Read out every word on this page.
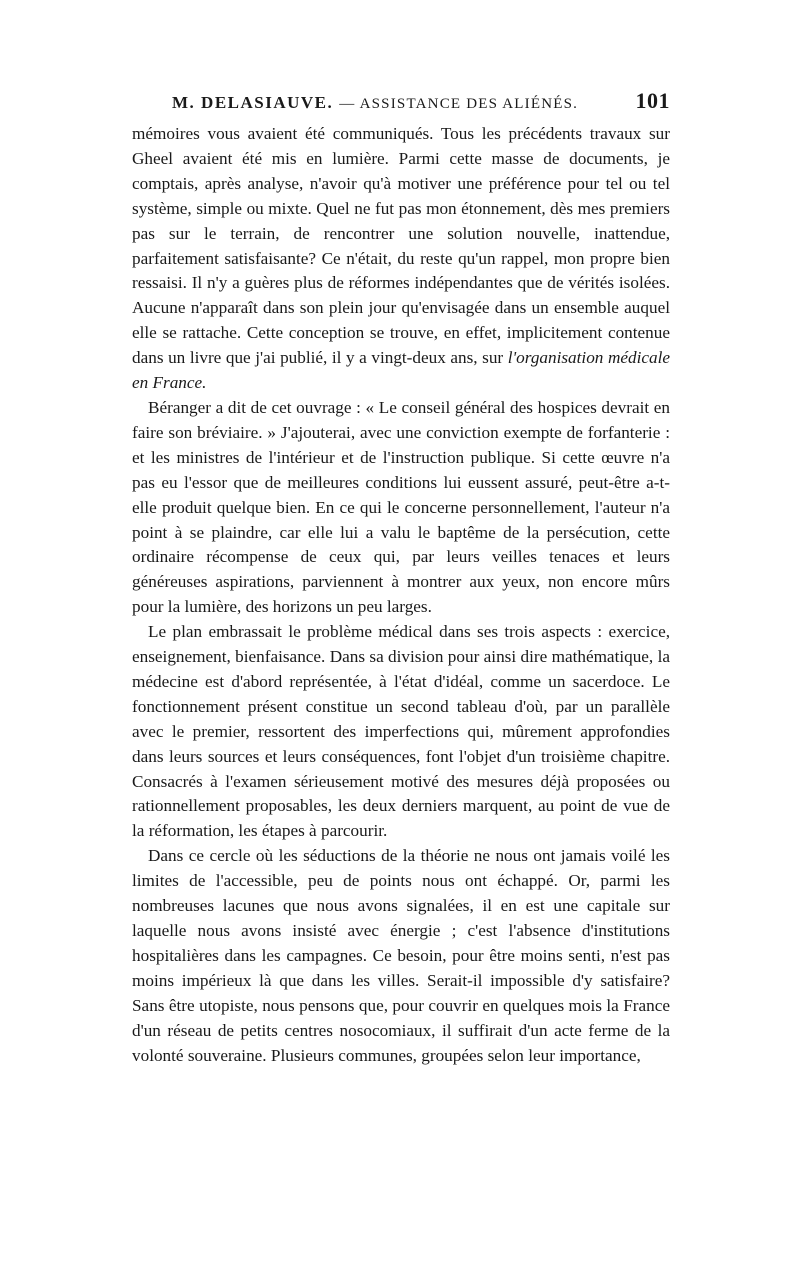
M. DELASIAUVE. — ASSISTANCE DES ALIÉNÉS.	101

mémoires vous avaient été communiqués. Tous les précédents travaux sur Gheel avaient été mis en lumière. Parmi cette masse de documents, je comptais, après analyse, n'avoir qu'à motiver une préférence pour tel ou tel système, simple ou mixte. Quel ne fut pas mon étonnement, dès mes premiers pas sur le terrain, de rencontrer une solution nouvelle, inattendue, parfaitement satisfaisante? Ce n'était, du reste qu'un rappel, mon propre bien ressaisi. Il n'y a guères plus de réformes indépendantes que de vérités isolées. Aucune n'apparaît dans son plein jour qu'envisagée dans un ensemble auquel elle se rattache. Cette conception se trouve, en effet, implicitement contenue dans un livre que j'ai publié, il y a vingt-deux ans, sur l'organisation médicale en France.

Béranger a dit de cet ouvrage : « Le conseil général des hospices devrait en faire son bréviaire. » J'ajouterai, avec une conviction exempte de forfanterie : et les ministres de l'intérieur et de l'instruction publique. Si cette œuvre n'a pas eu l'essor que de meilleures conditions lui eussent assuré, peut-être a-t-elle produit quelque bien. En ce qui le concerne personnellement, l'auteur n'a point à se plaindre, car elle lui a valu le baptême de la persécution, cette ordinaire récompense de ceux qui, par leurs veilles tenaces et leurs généreuses aspirations, parviennent à montrer aux yeux, non encore mûrs pour la lumière, des horizons un peu larges.

Le plan embrassait le problème médical dans ses trois aspects : exercice, enseignement, bienfaisance. Dans sa division pour ainsi dire mathématique, la médecine est d'abord représentée, à l'état d'idéal, comme un sacerdoce. Le fonctionnement présent constitue un second tableau d'où, par un parallèle avec le premier, ressortent des imperfections qui, mûrement approfondies dans leurs sources et leurs conséquences, font l'objet d'un troisième chapitre. Consacrés à l'examen sérieusement motivé des mesures déjà proposées ou rationnellement proposables, les deux derniers marquent, au point de vue de la réformation, les étapes à parcourir.

Dans ce cercle où les séductions de la théorie ne nous ont jamais voilé les limites de l'accessible, peu de points nous ont échappé. Or, parmi les nombreuses lacunes que nous avons signalées, il en est une capitale sur laquelle nous avons insisté avec énergie ; c'est l'absence d'institutions hospitalières dans les campagnes. Ce besoin, pour être moins senti, n'est pas moins impérieux là que dans les villes. Serait-il impossible d'y satisfaire? Sans être utopiste, nous pensons que, pour couvrir en quelques mois la France d'un réseau de petits centres nosocomiaux, il suffirait d'un acte ferme de la volonté souveraine. Plusieurs communes, groupées selon leur importance,
